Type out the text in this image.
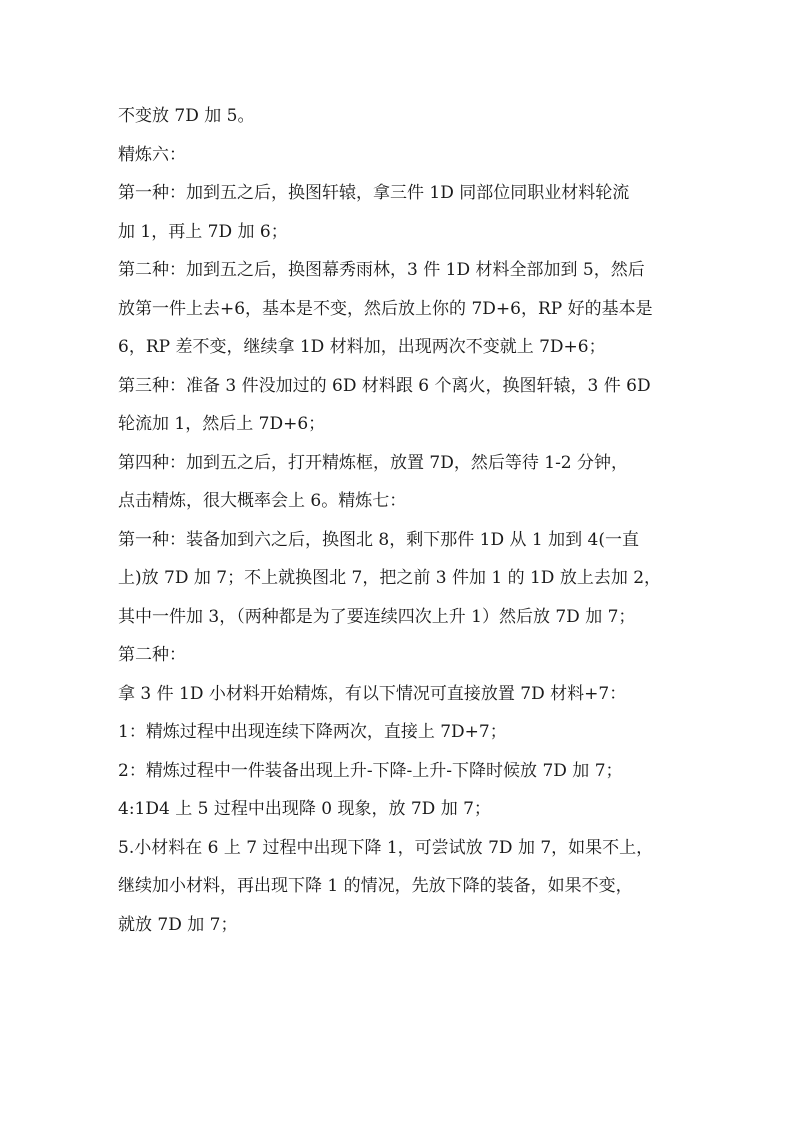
不变放 7D 加 5。
精炼六：
第一种：加到五之后，换图轩辕，拿三件 1D 同部位同职业材料轮流
加 1，再上 7D 加 6；
第二种：加到五之后，换图幕秀雨林，3 件 1D 材料全部加到 5，然后
放第一件上去+6，基本是不变，然后放上你的 7D+6，RP 好的基本是
6，RP 差不变，继续拿 1D 材料加，出现两次不变就上 7D+6；
第三种：准备 3 件没加过的 6D 材料跟 6 个离火，换图轩辕，3 件 6D
轮流加 1，然后上 7D+6；
第四种：加到五之后，打开精炼框，放置 7D，然后等待 1-2 分钟，
点击精炼，很大概率会上 6。精炼七：
第一种：装备加到六之后，换图北 8，剩下那件 1D 从 1 加到 4(一直
上)放 7D 加 7；不上就换图北 7，把之前 3 件加 1 的 1D 放上去加 2，
其中一件加 3，（两种都是为了要连续四次上升 1）然后放 7D 加 7；
第二种：
拿 3 件 1D 小材料开始精炼，有以下情况可直接放置 7D 材料+7：
1：精炼过程中出现连续下降两次，直接上 7D+7；
2：精炼过程中一件装备出现上升-下降-上升-下降时候放 7D 加 7；
4:1D4 上 5 过程中出现降 0 现象，放 7D 加 7；
5.小材料在 6 上 7 过程中出现下降 1，可尝试放 7D 加 7，如果不上，
继续加小材料，再出现下降 1 的情况，先放下降的装备，如果不变，
就放 7D 加 7；
